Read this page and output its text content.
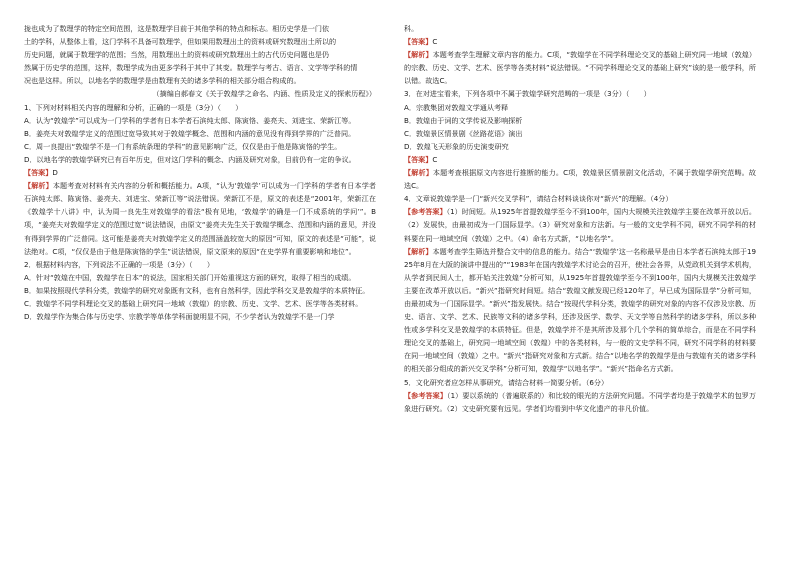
拢也成为了数理学的特定空间范围，这是数理学目前于其他学科的特点和标志。相历史学是一门依

土的学科，从整体上看，这门学科不具备可数理学，但如果用数理出土的资料或研究数理出土所以的

历史问题，就属于数理学的范围；当然，用数理出土的资料或研究数理出土的古代历史问题也是仍

然属于历史学的范围，这样，数理学成为由更多学科于其中了其变。数理学与考古、语言、文学等学科的情

况也是这样。所以，以地名学的数理学是由数理有关的诸多学科的相关部分组合构成的。

（摘编自郝春文《关于敦煌学之命名、内涵、性质及定义的探索历程》）

1、下列对材料相关内容的理解和分析，正确的一项是（3分）（　　）

A．认为“敦煌学”可以成为一门学科的学者有日本学者石滨纯太郎、陈寅恪、姜亮夫、刘进宝、荣新江等。

B．姜亮夫对敦煌学定义的范围过宽导致其对于敦煌学概念、范围和内涵的意见没有得到学界的广泛普同。

C．周一良提出“敦煌学不是一门有系统条理的学科”的意见影响广泛，仅仅是由于他是陈寅恪的学生。

D．以地名学的敦煌学研究已有百年历史，但对这门学科的概念、内涵及研究对象，目前仍有一定的争议。

【答案】D

【解析】本题考查对材料有关内容的分析和概括能力。A项，“认为‘敦煌学’可以成为一门学科的学者有日本学者石滨纯太郎、陈寅恪、姜亮夫、刘进宝、荣新江等”说法错误。荣新江不是，原文的表述是“2001年，荣新江在《敦煌学十八讲》中，认为周一良先生对敦煌学的看法“极有见地，‘敦煌学’的确是一门不成系统的学问’”。B项，“姜亮夫对敦煌学定义的范围过宽”说法错误，由原文“姜亮夫先生关于敦煌学概念、范围和内涵的意见，并没有得到学界的广泛普同。这可能是姜亮夫对敦煌学定义的范围涵盖较宽大的原因”可知，原文的表述是“可能”，说法绝对。C项，“仅仅是由于他是陈寅恪的学生”说法错误，原文原来的原因“在史学界有重要影响和地位”。

2．根据材料内容，下列说法不正确的一项是（3分）（　　）

A．针对“敦煌在中国，敦煌学在日本”的说法，国家相关部门开始重视这方面的研究，取得了相当的成绩。

B．如果按照现代学科分类，敦煌学的研究对象既有文科，也有自然科学，因此学科交叉是敦煌学的本质特征。

C．敦煌学不同学科理论交叉的基础上研究同一地域（敦煌）的宗教、历史、文学、艺术、医学等各类材料。

D．敦煌学作为集合体与历史学、宗教学等单体学科面貌明显不同，不少学者认为敦煌学不是一门学

科。

【答案】C

【解析】本题考查学生理解文章内容的能力。C项，“敦煌学在不同学科理论交叉的基础上研究同一地域（敦煌）的宗教、历史、文学、艺术、医学等各类材料”说法错误。“不同学科理论交叉的基础上研究”该的是一般学科，所以错。故选C。

3．在对进宝看来，下列各项中不属于敦煌学研究范畴的一项是（3分）（　　）

A．宗教集团对敦煌文学通从考释

B．敦煌由于词的文学传说及影响探析

C．敦煌景区情景剧《丝路花语》演出

D．敦煌飞天形象的历史演变研究

【答案】C

【解析】本题考查根据原文内容进行推断的能力。C项，敦煌景区情景剧文化活动，不属于敦煌学研究范畴。故选C。

4．文章说敦煌学是一门“新兴交叉学科”，请结合材料谈谈你对“新兴”的理解。（4分）

【参考答案】（1）时间短。从1925年首提敦煌学至今不到100年，国内大规模关注敦煌学主要在改革开放以后。（2）发展快，由最初成为一门国际显学。（3）研究对象和方法新。与一般的文史学科不同，研究不同学科的材料要在同一地域空间（敦煌）之中。（4）命名方式新，“以地名学”。

【解析】本题考查学生筛选并整合文中的信息的能力。结合“‘敦煌学’这一名称最早是由日本学者石滨纯太郎于1925年8月在大阪的演讲中提出的”“1983年在国内敦煌学术讨论会的召开，使社会各界，从党政机关到学术机构，从学者到民间人士，都开始关注敦煌”分析可知，从1925年首提敦煌学至今不到100年，国内大规模关注敦煌学主要在改革开放以后。“新兴”指研究时间短。结合“敦煌文献发现已经120年了，早已成为国际显学”分析可知，由最初成为一门国际显学。“新兴”指发展快。结合“按现代学科分类，敦煌学的研究对象的内容不仅涉及宗教、历史、语言、文学、艺术、民族等文科的诸多学科，还涉及医学、数学、天文学等自然科学的诸多学科，所以多种性或多学科交叉是敦煌学的本质特征。但是，敦煌学并不是其所涉及那个几个学科的简单综合，而是在不同学科理论交叉的基础上，研究同一地域空间（敦煌）中的各类材料，与一般的文史学科不同，研究不同学科的材料要在同一地域空间（敦煌）之中。“新兴”指研究对象和方式新。结合“以地名学的敦煌学是由与敦煌有关的诸多学科的相关部分组成的新兴交叉学科”分析可知，敦煌学“以地名学”。“新兴”指命名方式新。

5．文化研究者应怎样从事研究，请结合材料一简要分析。（6分）

【参考答案】（1）要以系统的（普遍联系的）和比较的眼光的方法研究问题。不同学者均是于敦煌学术的包罗万象进行研究。（2）文史研究要有远见。学者们均看到中华文化遗产的非凡价值。
